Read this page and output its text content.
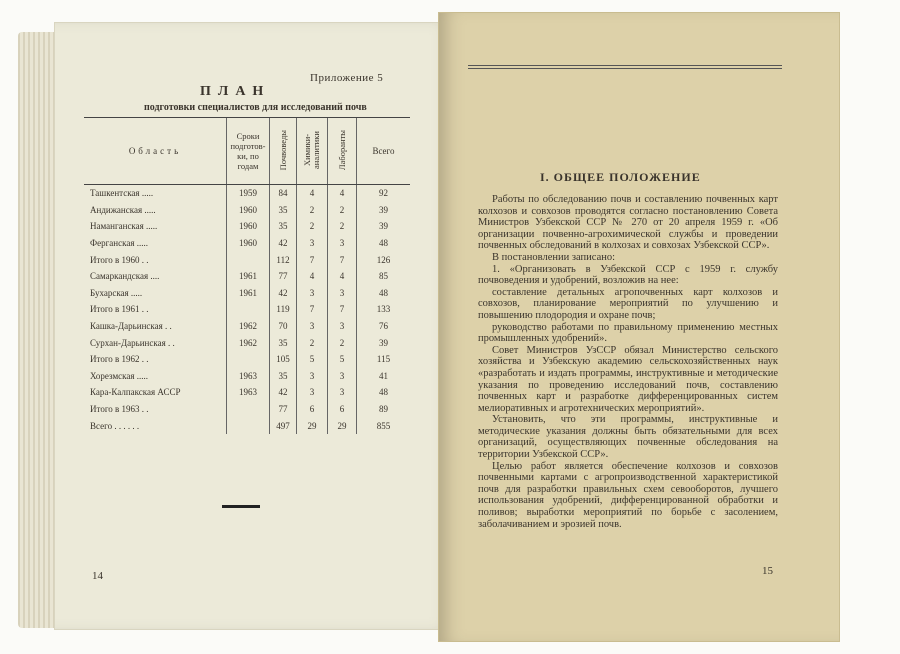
Приложение 5
ПЛАН
подготовки специалистов для исследований почв
Область	Сроки подготов-ки, по годам	Почвоведы	Химики-аналитики	Лаборанты	Всего
Ташкентская .....	1959	84	4	4	92
Андижанская .....	1960	35	2	2	39
Наманганская .....	1960	35	2	2	39
Ферганская .....	1960	42	3	3	48
Итого в 1960 . .		112	7	7	126
Самаркандская ....	1961	77	4	4	85
Бухарская .....	1961	42	3	3	48
Итого в 1961 . .		119	7	7	133
Кашка-Дарьинская . .	1962	70	3	3	76
Сурхан-Дарьинская . .	1962	35	2	2	39
Итого в 1962 . .		105	5	5	115
Хорезмская .....	1963	35	3	3	41
Кара-Калпакская АССР	1963	42	3	3	48
Итого в 1963 . .		77	6	6	89
Всего . . . . . .		497	29	29	855
14
I. ОБЩЕЕ ПОЛОЖЕНИЕ

Работы по обследованию почв и составлению почвенных карт колхозов и совхозов проводятся согласно постановлению Совета Министров Узбекской ССР № 270 от 20 апреля 1959 г. «Об организации почвенно-агрохимической службы и проведении почвенных обследований в колхозах и совхозах Узбекской ССР».

В постановлении записано:

1. «Организовать в Узбекской ССР с 1959 г. службу почвоведения и удобрений, возложив на нее:

составление детальных агропочвенных карт колхозов и совхозов, планирование мероприятий по улучшению и повышению плодородия и охране почв;

руководство работами по правильному применению местных промышленных удобрений».

Совет Министров УзССР обязал Министерство сельского хозяйства и Узбекскую академию сельскохозяйственных наук «разработать и издать программы, инструктивные и методические указания по проведению исследований почв, составлению почвенных карт и разработке дифференцированных систем мелиоративных и агротехнических мероприятий».

Установить, что эти программы, инструктивные и методические указания должны быть обязательными для всех организаций, осуществляющих почвенные обследования на территории Узбекской ССР».

Целью работ является обеспечение колхозов и совхозов почвенными картами с агропроизводственной характеристикой почв для разработки правильных схем севооборотов, лучшего использования удобрений, дифференцированной обработки и поливов; выработки мероприятий по борьбе с засолением, заболачиванием и эрозией почв.

15
